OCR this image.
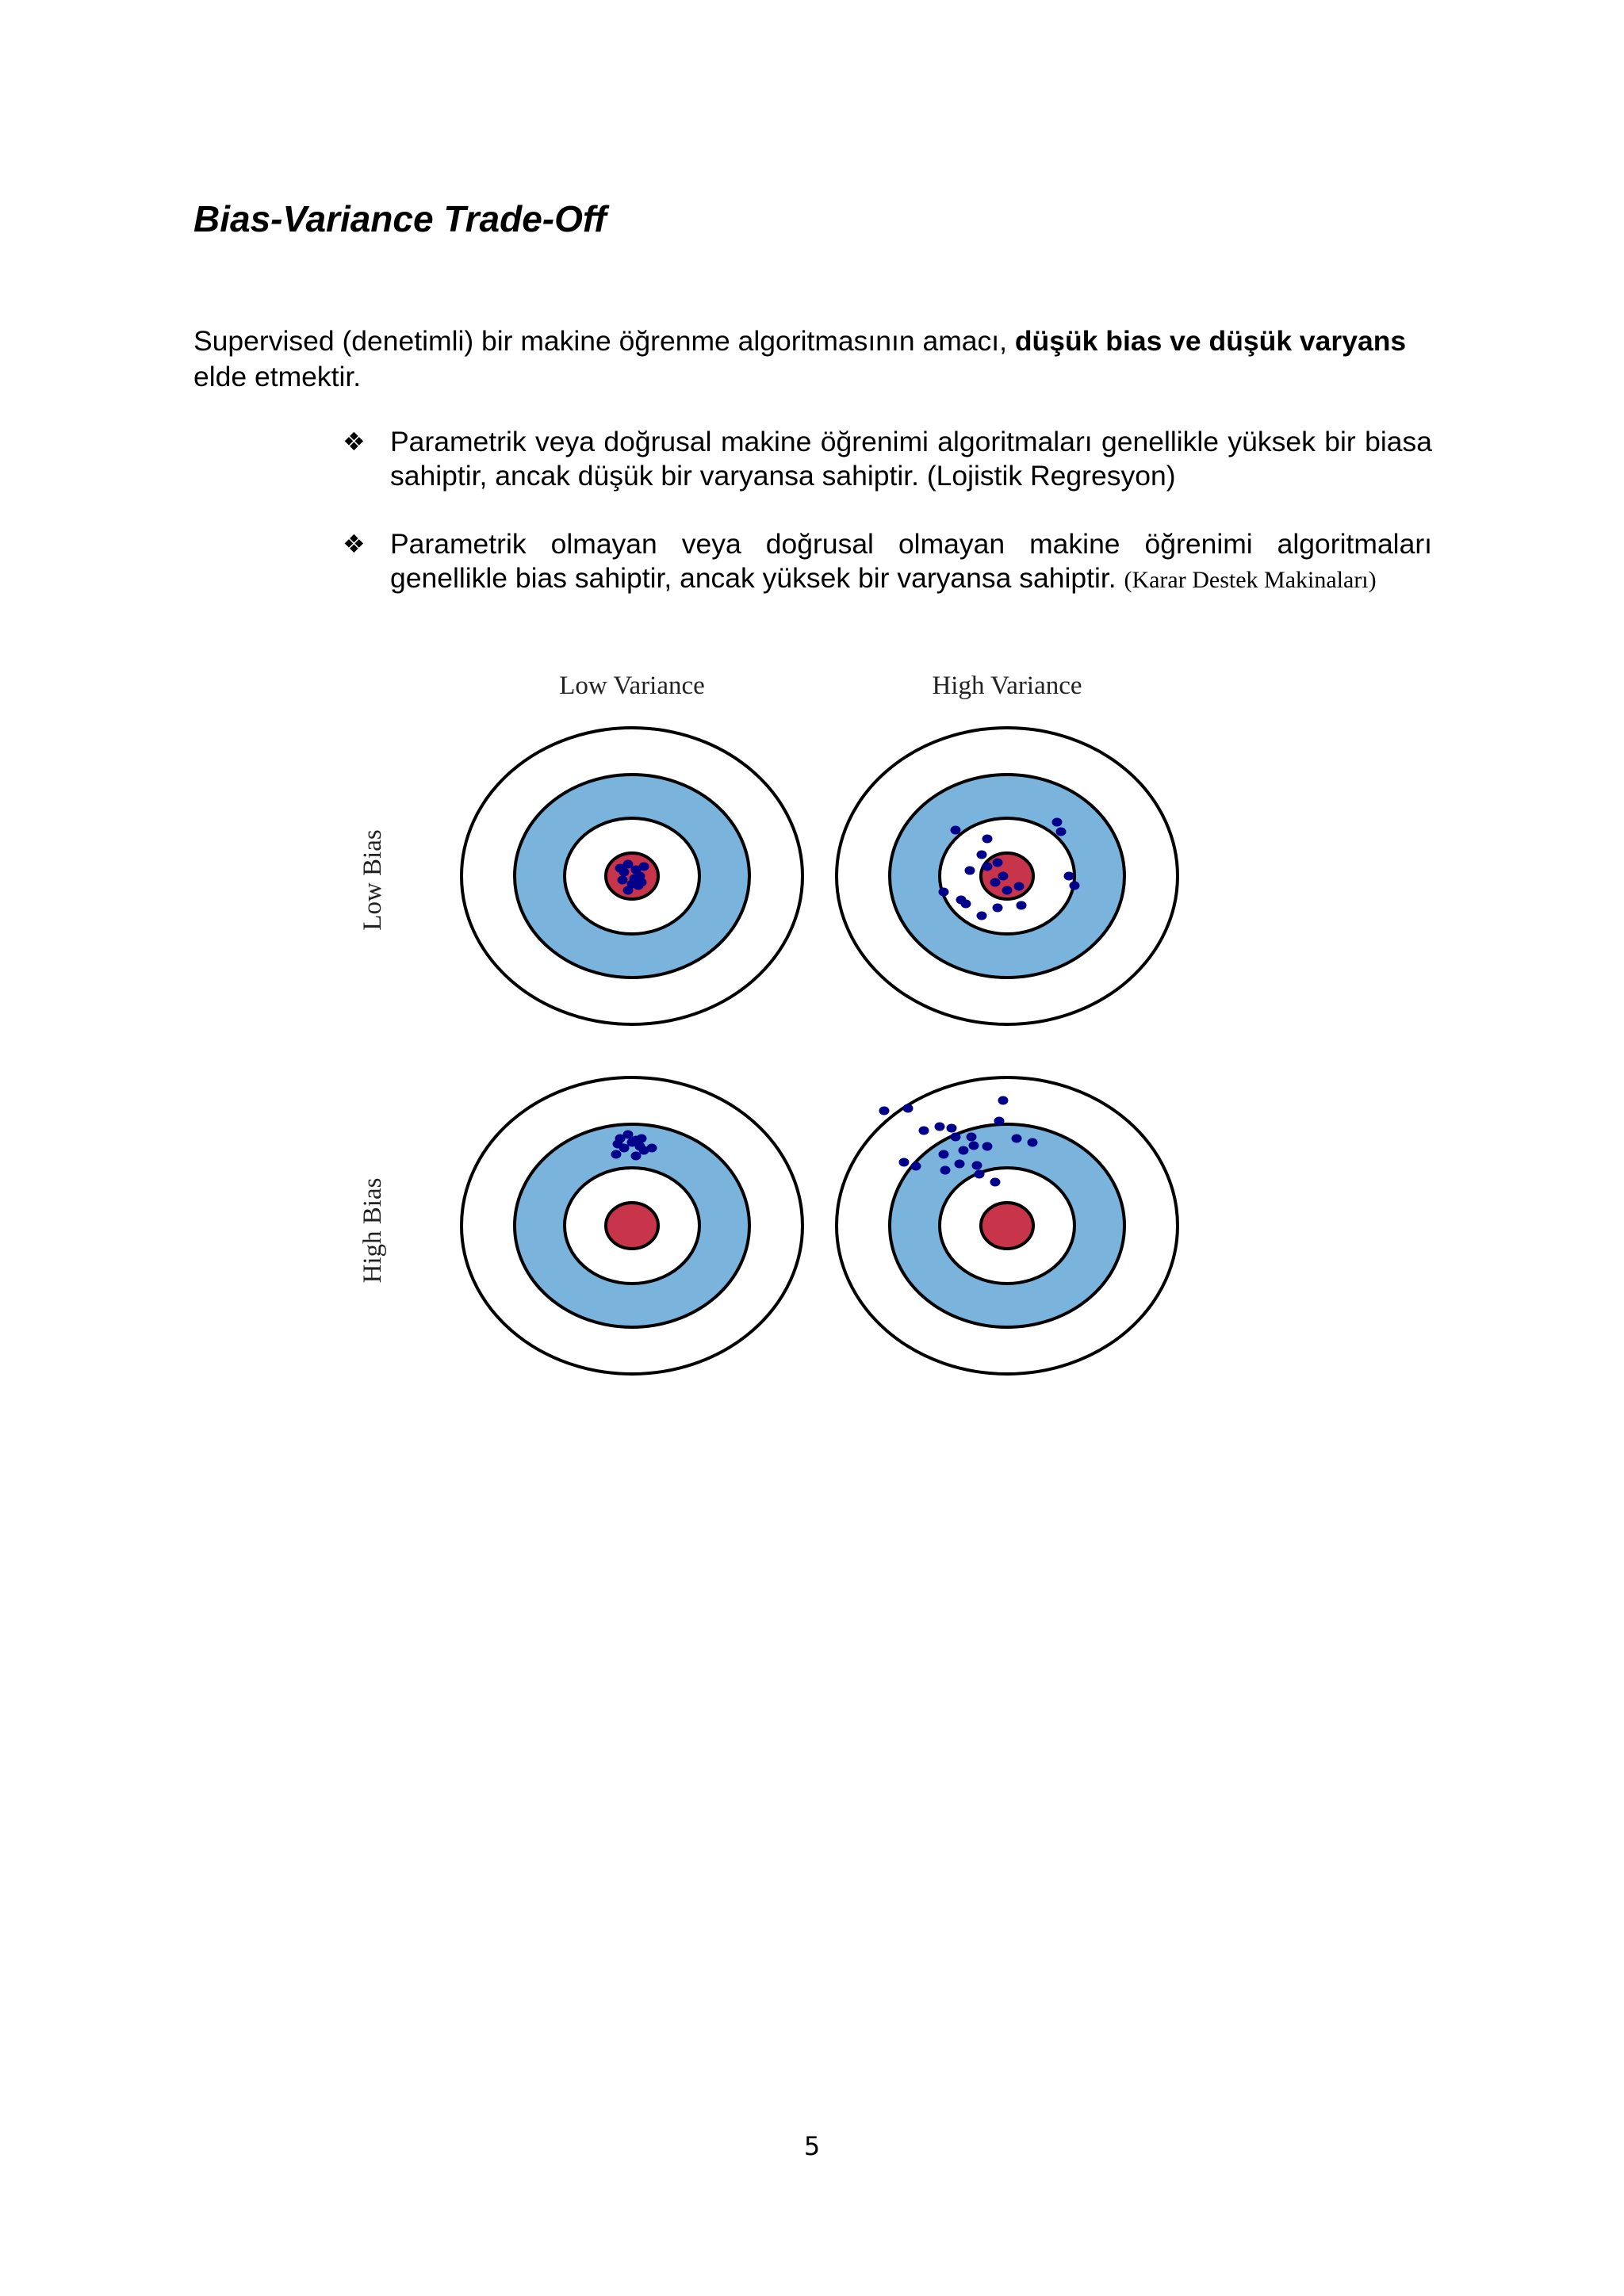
Bias-Variance Trade-Off

Supervised (denetimli) bir makine öğrenme algoritmasının amacı, düşük bias ve düşük varyans elde etmektir.

❖ Parametrik veya doğrusal makine öğrenimi algoritmaları genellikle yüksek bir biasa sahiptir, ancak düşük bir varyansa sahiptir. (Lojistik Regresyon)
❖ Parametrik olmayan veya doğrusal olmayan makine öğrenimi algoritmaları genellikle bias sahiptir, ancak yüksek bir varyansa sahiptir. (Karar Destek Makinaları)
Low Variance	High Variance
Low Bias
High Bias
5
